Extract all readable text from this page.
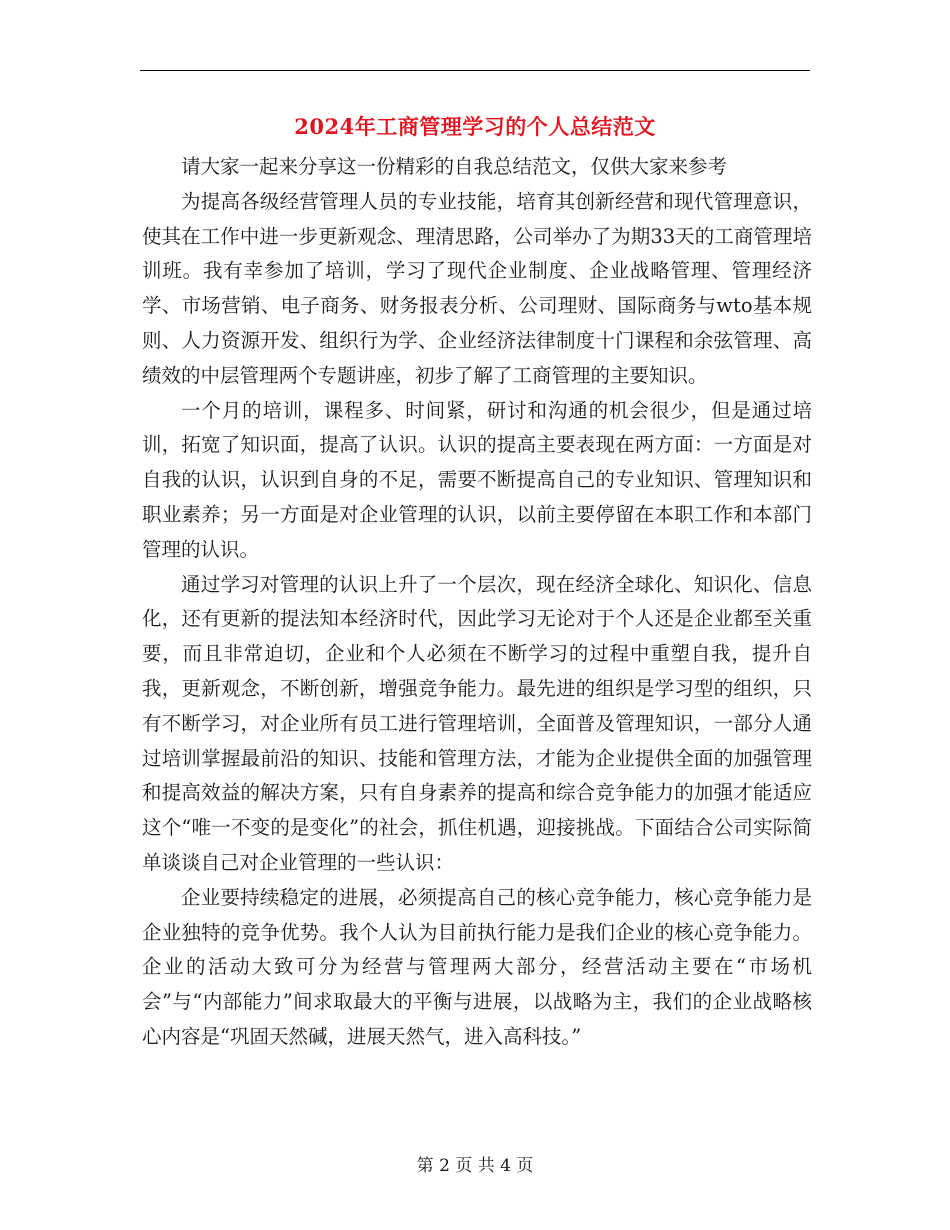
2024年工商管理学习的个人总结范文

请大家一起来分享这一份精彩的自我总结范文，仅供大家来参考

为提高各级经营管理人员的专业技能，培育其创新经营和现代管理意识，使其在工作中进一步更新观念、理清思路，公司举办了为期33天的工商管理培训班。我有幸参加了培训，学习了现代企业制度、企业战略管理、管理经济学、市场营销、电子商务、财务报表分析、公司理财、国际商务与wto基本规则、人力资源开发、组织行为学、企业经济法律制度十门课程和余弦管理、高绩效的中层管理两个专题讲座，初步了解了工商管理的主要知识。

一个月的培训，课程多、时间紧，研讨和沟通的机会很少，但是通过培训，拓宽了知识面，提高了认识。认识的提高主要表现在两方面：一方面是对自我的认识，认识到自身的不足，需要不断提高自己的专业知识、管理知识和职业素养；另一方面是对企业管理的认识，以前主要停留在本职工作和本部门管理的认识。

通过学习对管理的认识上升了一个层次，现在经济全球化、知识化、信息化，还有更新的提法知本经济时代，因此学习无论对于个人还是企业都至关重要，而且非常迫切，企业和个人必须在不断学习的过程中重塑自我，提升自我，更新观念，不断创新，增强竞争能力。最先进的组织是学习型的组织，只有不断学习，对企业所有员工进行管理培训，全面普及管理知识，一部分人通过培训掌握最前沿的知识、技能和管理方法，才能为企业提供全面的加强管理和提高效益的解决方案，只有自身素养的提高和综合竞争能力的加强才能适应这个“唯一不变的是变化”的社会，抓住机遇，迎接挑战。下面结合公司实际简单谈谈自己对企业管理的一些认识：

企业要持续稳定的进展，必须提高自己的核心竞争能力，核心竞争能力是企业独特的竞争优势。我个人认为目前执行能力是我们企业的核心竞争能力。企业的活动大致可分为经营与管理两大部分，经营活动主要在“市场机会”与“内部能力”间求取最大的平衡与进展，以战略为主，我们的企业战略核心内容是“巩固天然碱，进展天然气，进入高科技。”

第 2 页 共 4 页
